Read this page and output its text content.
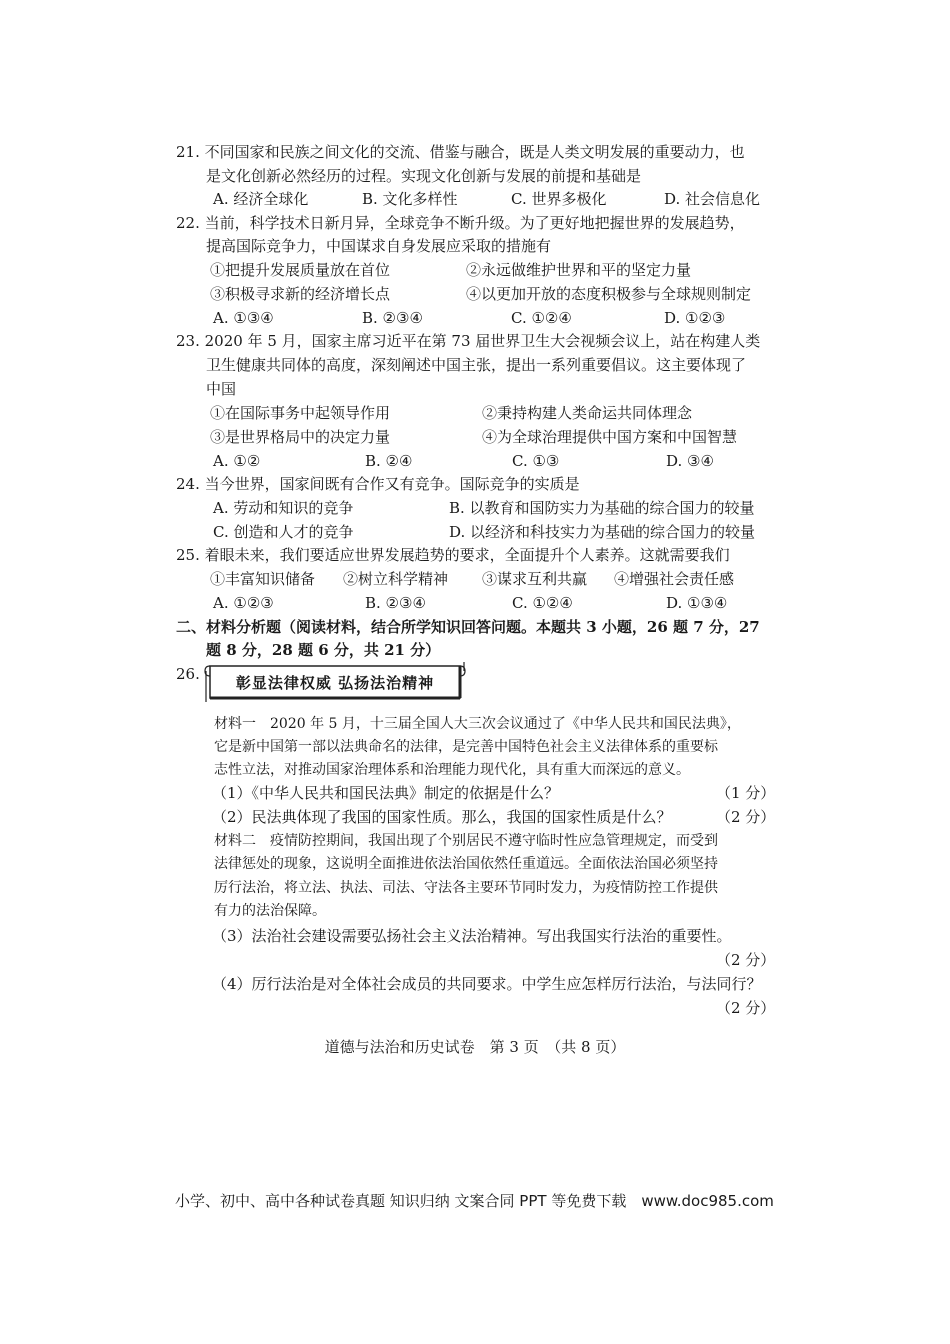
21. 不同国家和民族之间文化的交流、借鉴与融合，既是人类文明发展的重要动力，也
是文化创新必然经历的过程。实现文化创新与发展的前提和基础是
A. 经济全球化	B. 文化多样性	C. 世界多极化	D. 社会信息化
22. 当前，科学技术日新月异，全球竞争不断升级。为了更好地把握世界的发展趋势，
提高国际竞争力，中国谋求自身发展应采取的措施有
①把提升发展质量放在首位	②永远做维护世界和平的坚定力量
③积极寻求新的经济增长点	④以更加开放的态度积极参与全球规则制定
A. ①③④	B. ②③④	C. ①②④	D. ①②③
23. 2020 年 5 月，国家主席习近平在第 73 届世界卫生大会视频会议上，站在构建人类
卫生健康共同体的高度，深刻阐述中国主张，提出一系列重要倡议。这主要体现了
中国
①在国际事务中起领导作用	②秉持构建人类命运共同体理念
③是世界格局中的决定力量	④为全球治理提供中国方案和中国智慧
A. ①②	B. ②④	C. ①③	D. ③④
24. 当今世界，国家间既有合作又有竞争。国际竞争的实质是
A. 劳动和知识的竞争	B. 以教育和国防实力为基础的综合国力的较量
C. 创造和人才的竞争	D. 以经济和科技实力为基础的综合国力的较量
25. 着眼未来，我们要适应世界发展趋势的要求，全面提升个人素养。这就需要我们
①丰富知识储备 ②树立科学精神 ③谋求互利共赢 ④增强社会责任感
A. ①②③	B. ②③④	C. ①②④	D. ①③④
二、材料分析题（阅读材料，结合所学知识回答问题。本题共 3 小题，26 题 7 分，27
题 8 分，28 题 6 分，共 21 分）
26.	彰显法律权威 弘扬法治精神
材料一　2020 年 5 月，十三届全国人大三次会议通过了《中华人民共和国民法典》，
它是新中国第一部以法典命名的法律，是完善中国特色社会主义法律体系的重要标
志性立法，对推动国家治理体系和治理能力现代化，具有重大而深远的意义。
（1）《中华人民共和国民法典》制定的依据是什么？	（1 分）
（2）民法典体现了我国的国家性质。那么，我国的国家性质是什么？	（2 分）
材料二　疫情防控期间，我国出现了个别居民不遵守临时性应急管理规定，而受到
法律惩处的现象，这说明全面推进依法治国依然任重道远。全面依法治国必须坚持
厉行法治，将立法、执法、司法、守法各主要环节同时发力，为疫情防控工作提供
有力的法治保障。
（3）法治社会建设需要弘扬社会主义法治精神。写出我国实行法治的重要性。
（2 分）
（4）厉行法治是对全体社会成员的共同要求。中学生应怎样厉行法治，与法同行？
（2 分）
道德与法治和历史试卷　第 3 页　（共 8 页）
小学、初中、高中各种试卷真题 知识归纳 文案合同 PPT 等免费下载　www.doc985.com
